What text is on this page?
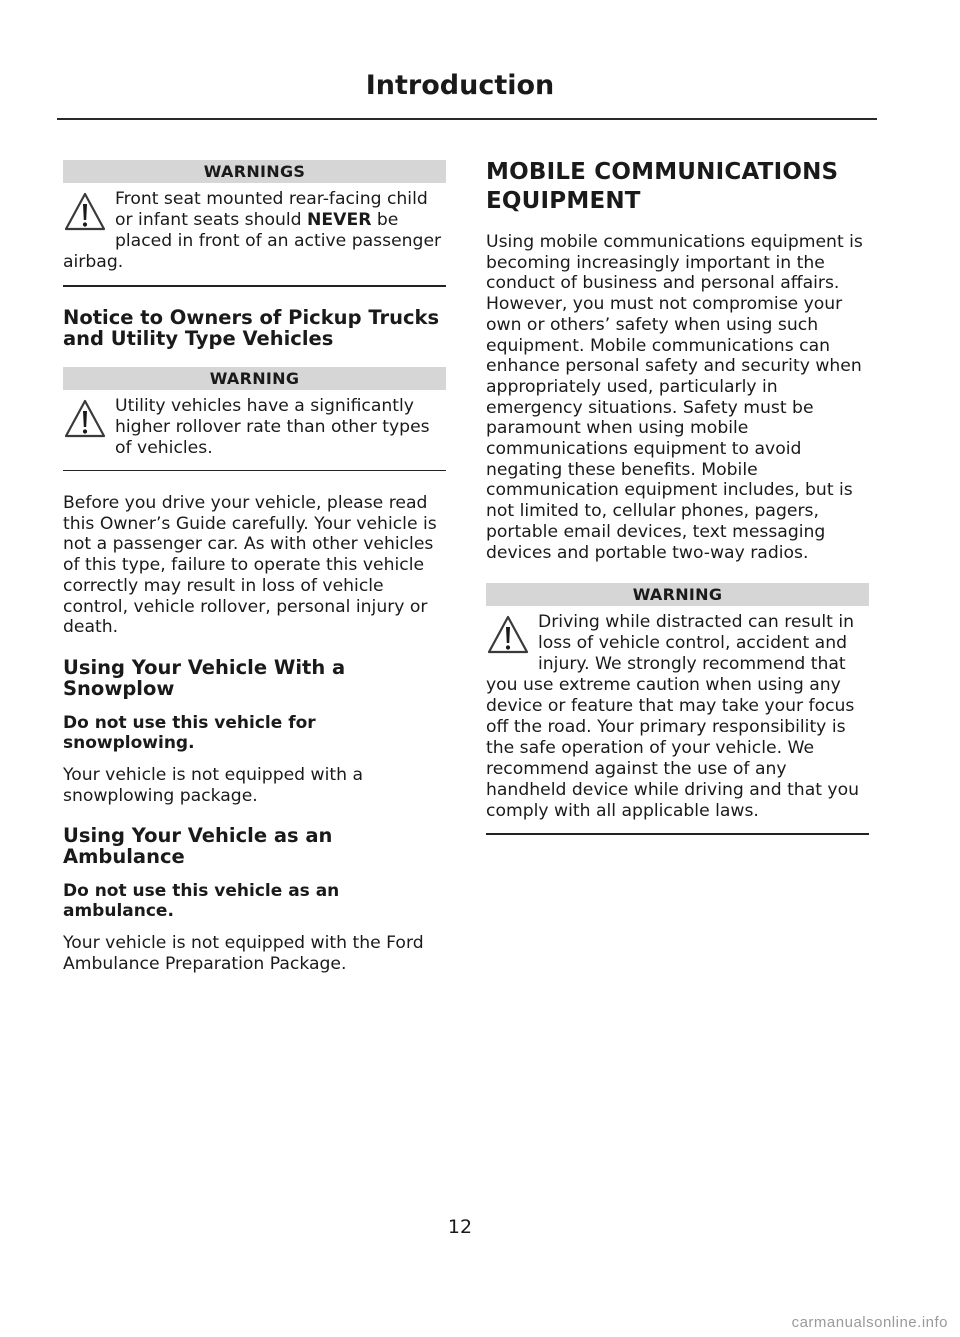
Introduction
WARNINGS
Front seat mounted rear-facing child or infant seats should NEVER be placed in front of an active passenger airbag.
Notice to Owners of Pickup Trucks and Utility Type Vehicles
WARNING
Utility vehicles have a significantly higher rollover rate than other types of vehicles.
Before you drive your vehicle, please read this Owner’s Guide carefully. Your vehicle is not a passenger car. As with other vehicles of this type, failure to operate this vehicle correctly may result in loss of vehicle control, vehicle rollover, personal injury or death.
Using Your Vehicle With a Snowplow
Do not use this vehicle for snowplowing.
Your vehicle is not equipped with a snowplowing package.
Using Your Vehicle as an Ambulance
Do not use this vehicle as an ambulance.
Your vehicle is not equipped with the Ford Ambulance Preparation Package.
MOBILE COMMUNICATIONS EQUIPMENT
Using mobile communications equipment is becoming increasingly important in the conduct of business and personal affairs. However, you must not compromise your own or others’ safety when using such equipment. Mobile communications can enhance personal safety and security when appropriately used, particularly in emergency situations. Safety must be paramount when using mobile communications equipment to avoid negating these benefits. Mobile communication equipment includes, but is not limited to, cellular phones, pagers, portable email devices, text messaging devices and portable two-way radios.
WARNING
Driving while distracted can result in loss of vehicle control, accident and injury. We strongly recommend that you use extreme caution when using any device or feature that may take your focus off the road. Your primary responsibility is the safe operation of your vehicle. We recommend against the use of any handheld device while driving and that you comply with all applicable laws.
12
carmanualsonline.info
